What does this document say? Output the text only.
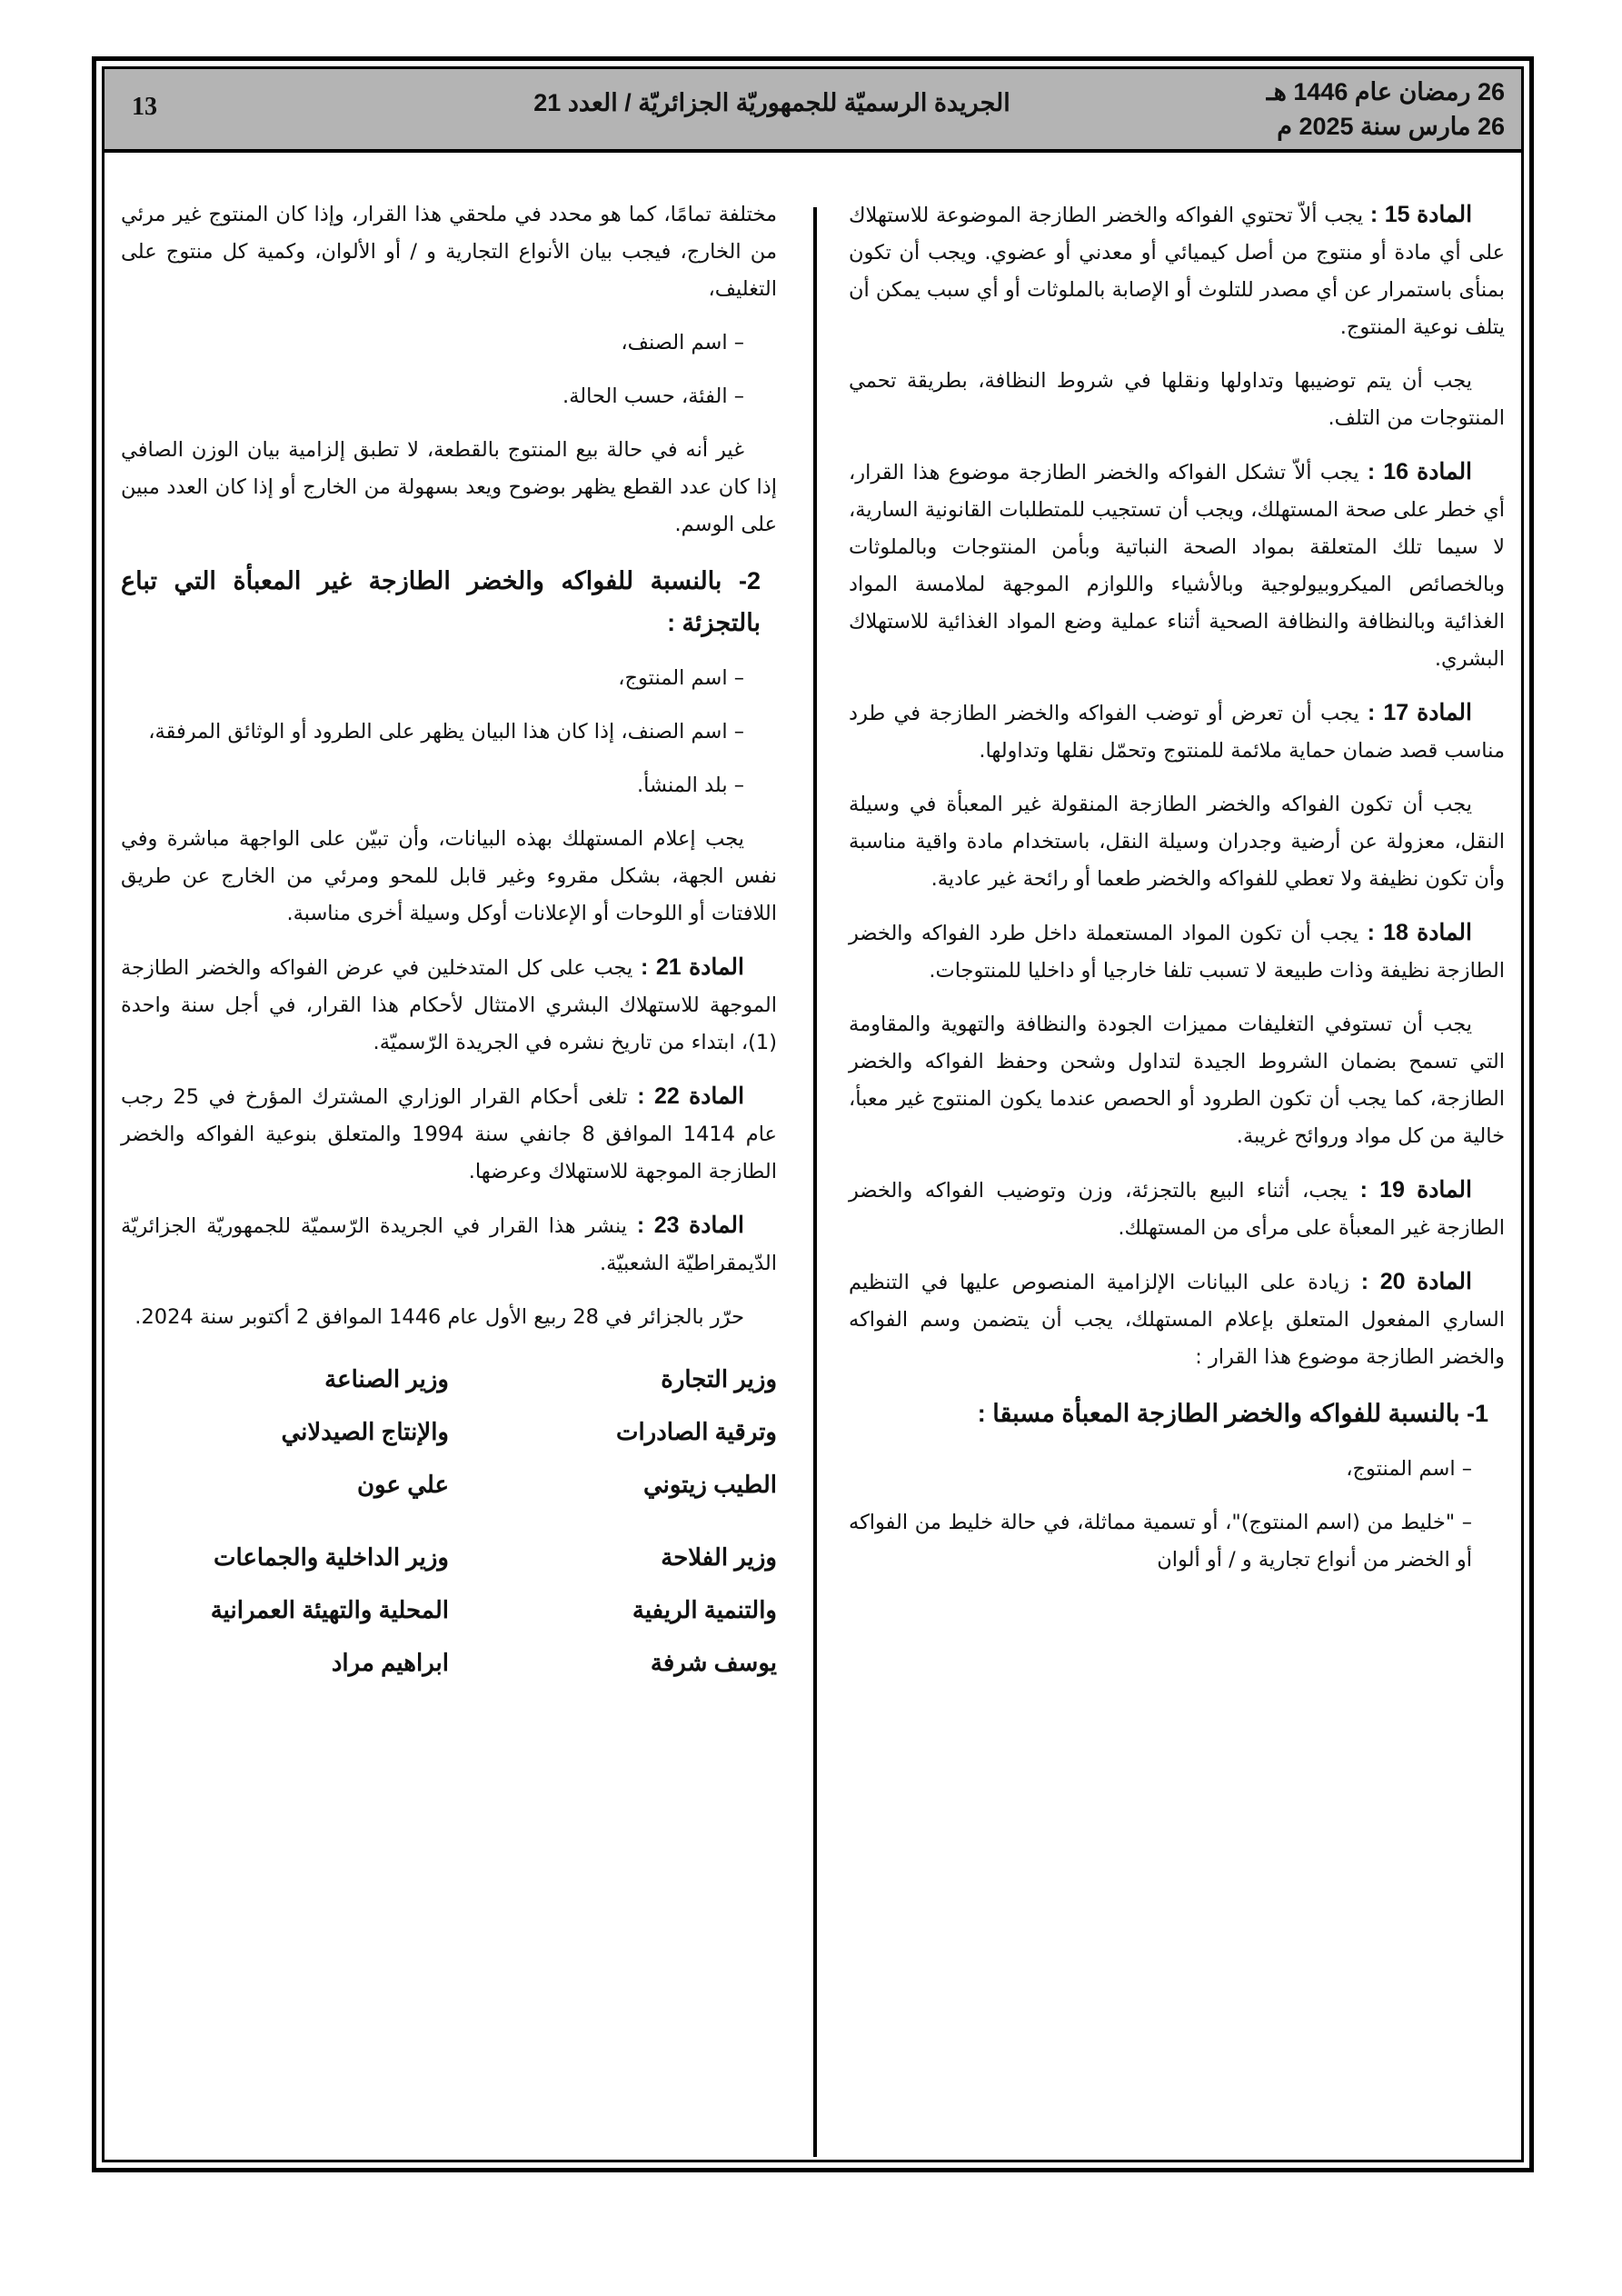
26 رمضان عام 1446 هـ
26 مارس سنة 2025 م
الجريدة الرسميّة للجمهوريّة الجزائريّة / العدد 21
13

المادة 15 : يجب ألاّ تحتوي الفواكه والخضر الطازجة الموضوعة للاستهلاك على أي مادة أو منتوج من أصل كيميائي أو معدني أو عضوي. ويجب أن تكون بمنأى باستمرار عن أي مصدر للتلوث أو الإصابة بالملوثات أو أي سبب يمكن أن يتلف نوعية المنتوج.

يجب أن يتم توضيبها وتداولها ونقلها في شروط النظافة، بطريقة تحمي المنتوجات من التلف.

المادة 16 : يجب ألاّ تشكل الفواكه والخضر الطازجة موضوع هذا القرار، أي خطر على صحة المستهلك، ويجب أن تستجيب للمتطلبات القانونية السارية، لا سيما تلك المتعلقة بمواد الصحة النباتية وبأمن المنتوجات وبالملوثات وبالخصائص الميكروبيولوجية وبالأشياء واللوازم الموجهة لملامسة المواد الغذائية وبالنظافة والنظافة الصحية أثناء عملية وضع المواد الغذائية للاستهلاك البشري.

المادة 17 : يجب أن تعرض أو توضب الفواكه والخضر الطازجة في طرد مناسب قصد ضمان حماية ملائمة للمنتوج وتحمّل نقلها وتداولها.

يجب أن تكون الفواكه والخضر الطازجة المنقولة غير المعبأة في وسيلة النقل، معزولة عن أرضية وجدران وسيلة النقل، باستخدام مادة واقية مناسبة وأن تكون نظيفة ولا تعطي للفواكه والخضر طعما أو رائحة غير عادية.

المادة 18 : يجب أن تكون المواد المستعملة داخل طرد الفواكه والخضر الطازجة نظيفة وذات طبيعة لا تسبب تلفا خارجيا أو داخليا للمنتوجات.

يجب أن تستوفي التغليفات مميزات الجودة والنظافة والتهوية والمقاومة التي تسمح بضمان الشروط الجيدة لتداول وشحن وحفظ الفواكه والخضر الطازجة، كما يجب أن تكون الطرود أو الحصص عندما يكون المنتوج غير معبأ، خالية من كل مواد وروائح غريبة.

المادة 19 : يجب، أثناء البيع بالتجزئة، وزن وتوضيب الفواكه والخضر الطازجة غير المعبأة على مرأى من المستهلك.

المادة 20 : زيادة على البيانات الإلزامية المنصوص عليها في التنظيم الساري المفعول المتعلق بإعلام المستهلك، يجب أن يتضمن وسم الفواكه والخضر الطازجة موضوع هذا القرار :

1- بالنسبة للفواكه والخضر الطازجة المعبأة مسبقا :

– اسم المنتوج،

– "خليط من (اسم المنتوج)"، أو تسمية مماثلة، في حالة خليط من الفواكه أو الخضر من أنواع تجارية و / أو ألوان

مختلفة تمامًا، كما هو محدد في ملحقي هذا القرار، وإذا كان المنتوج غير مرئي من الخارج، فيجب بيان الأنواع التجارية و / أو الألوان، وكمية كل منتوج على التغليف،

– اسم الصنف،

– الفئة، حسب الحالة.

غير أنه في حالة بيع المنتوج بالقطعة، لا تطبق إلزامية بيان الوزن الصافي إذا كان عدد القطع يظهر بوضوح ويعد بسهولة من الخارج أو إذا كان العدد مبين على الوسم.

2- بالنسبة للفواكه والخضر الطازجة غير المعبأة التي تباع بالتجزئة :

– اسم المنتوج،

– اسم الصنف، إذا كان هذا البيان يظهر على الطرود أو الوثائق المرفقة،

– بلد المنشأ.

يجب إعلام المستهلك بهذه البيانات، وأن تبيّن على الواجهة مباشرة وفي نفس الجهة، بشكل مقروء وغير قابل للمحو ومرئي من الخارج عن طريق اللافتات أو اللوحات أو الإعلانات أوكل وسيلة أخرى مناسبة.

المادة 21 : يجب على كل المتدخلين في عرض الفواكه والخضر الطازجة الموجهة للاستهلاك البشري الامتثال لأحكام هذا القرار، في أجل سنة واحدة (1)، ابتداء من تاريخ نشره في الجريدة الرّسميّة.

المادة 22 : تلغى أحكام القرار الوزاري المشترك المؤرخ في 25 رجب عام 1414 الموافق 8 جانفي سنة 1994 والمتعلق بنوعية الفواكه والخضر الطازجة الموجهة للاستهلاك وعرضها.

المادة 23 : ينشر هذا القرار في الجريدة الرّسميّة للجمهوريّة الجزائريّة الدّيمقراطيّة الشعبيّة.

حرّر بالجزائر في 28 ربيع الأول عام 1446 الموافق 2 أكتوبر سنة 2024.

وزير التجارة
وترقية الصادرات
الطيب زيتوني
وزير الصناعة
والإنتاج الصيدلاني
علي عون
وزير الفلاحة
والتنمية الريفية
يوسف شرفة
وزير الداخلية والجماعات
المحلية والتهيئة العمرانية
ابراهيم مراد
